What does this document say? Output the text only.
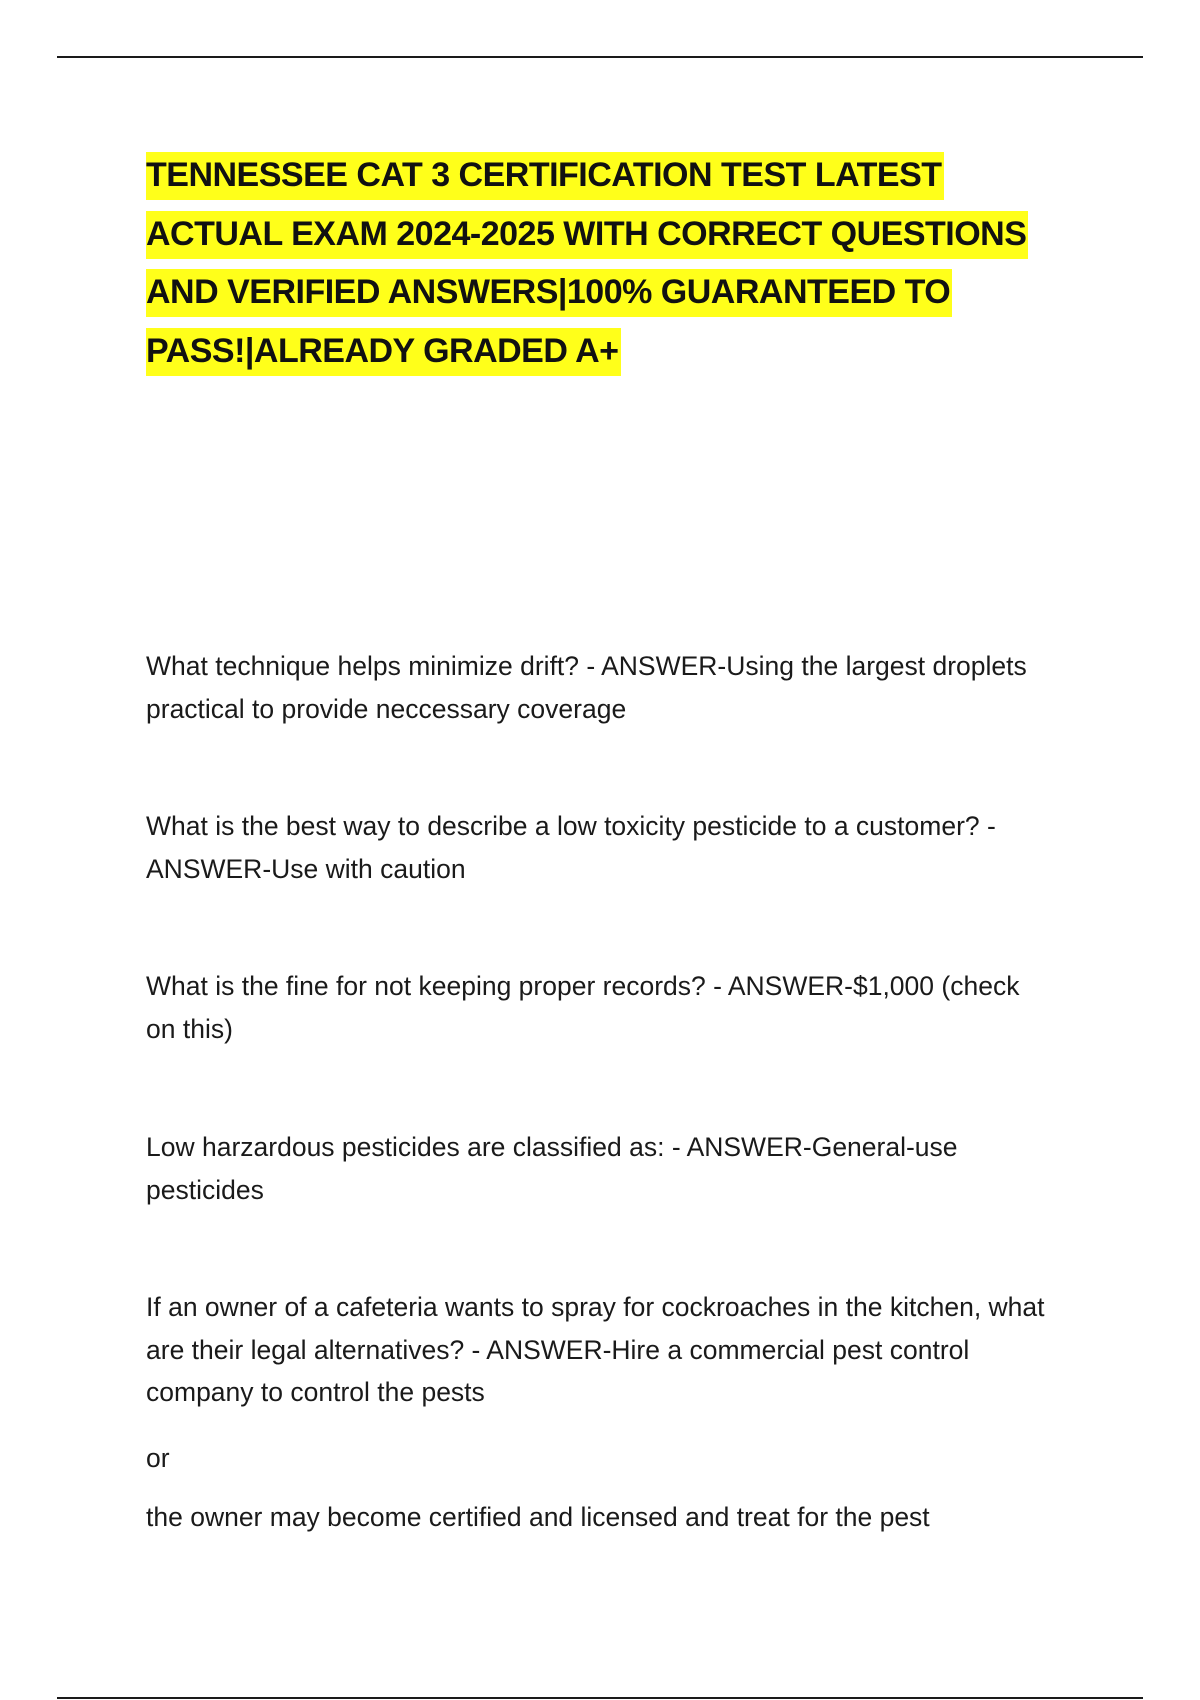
TENNESSEE CAT 3 CERTIFICATION TEST LATEST ACTUAL EXAM 2024-2025 WITH CORRECT QUESTIONS AND VERIFIED ANSWERS|100% GUARANTEED TO PASS!|ALREADY GRADED A+

What technique helps minimize drift? - ANSWER-Using the largest droplets practical to provide neccessary coverage

What is the best way to describe a low toxicity pesticide to a customer? - ANSWER-Use with caution

What is the fine for not keeping proper records? - ANSWER-$1,000 (check on this)

Low harzardous pesticides are classified as: - ANSWER-General-use pesticides

If an owner of a cafeteria wants to spray for cockroaches in the kitchen, what are their legal alternatives? - ANSWER-Hire a commercial pest control company to control the pests

or

the owner may become certified and licensed and treat for the pest
